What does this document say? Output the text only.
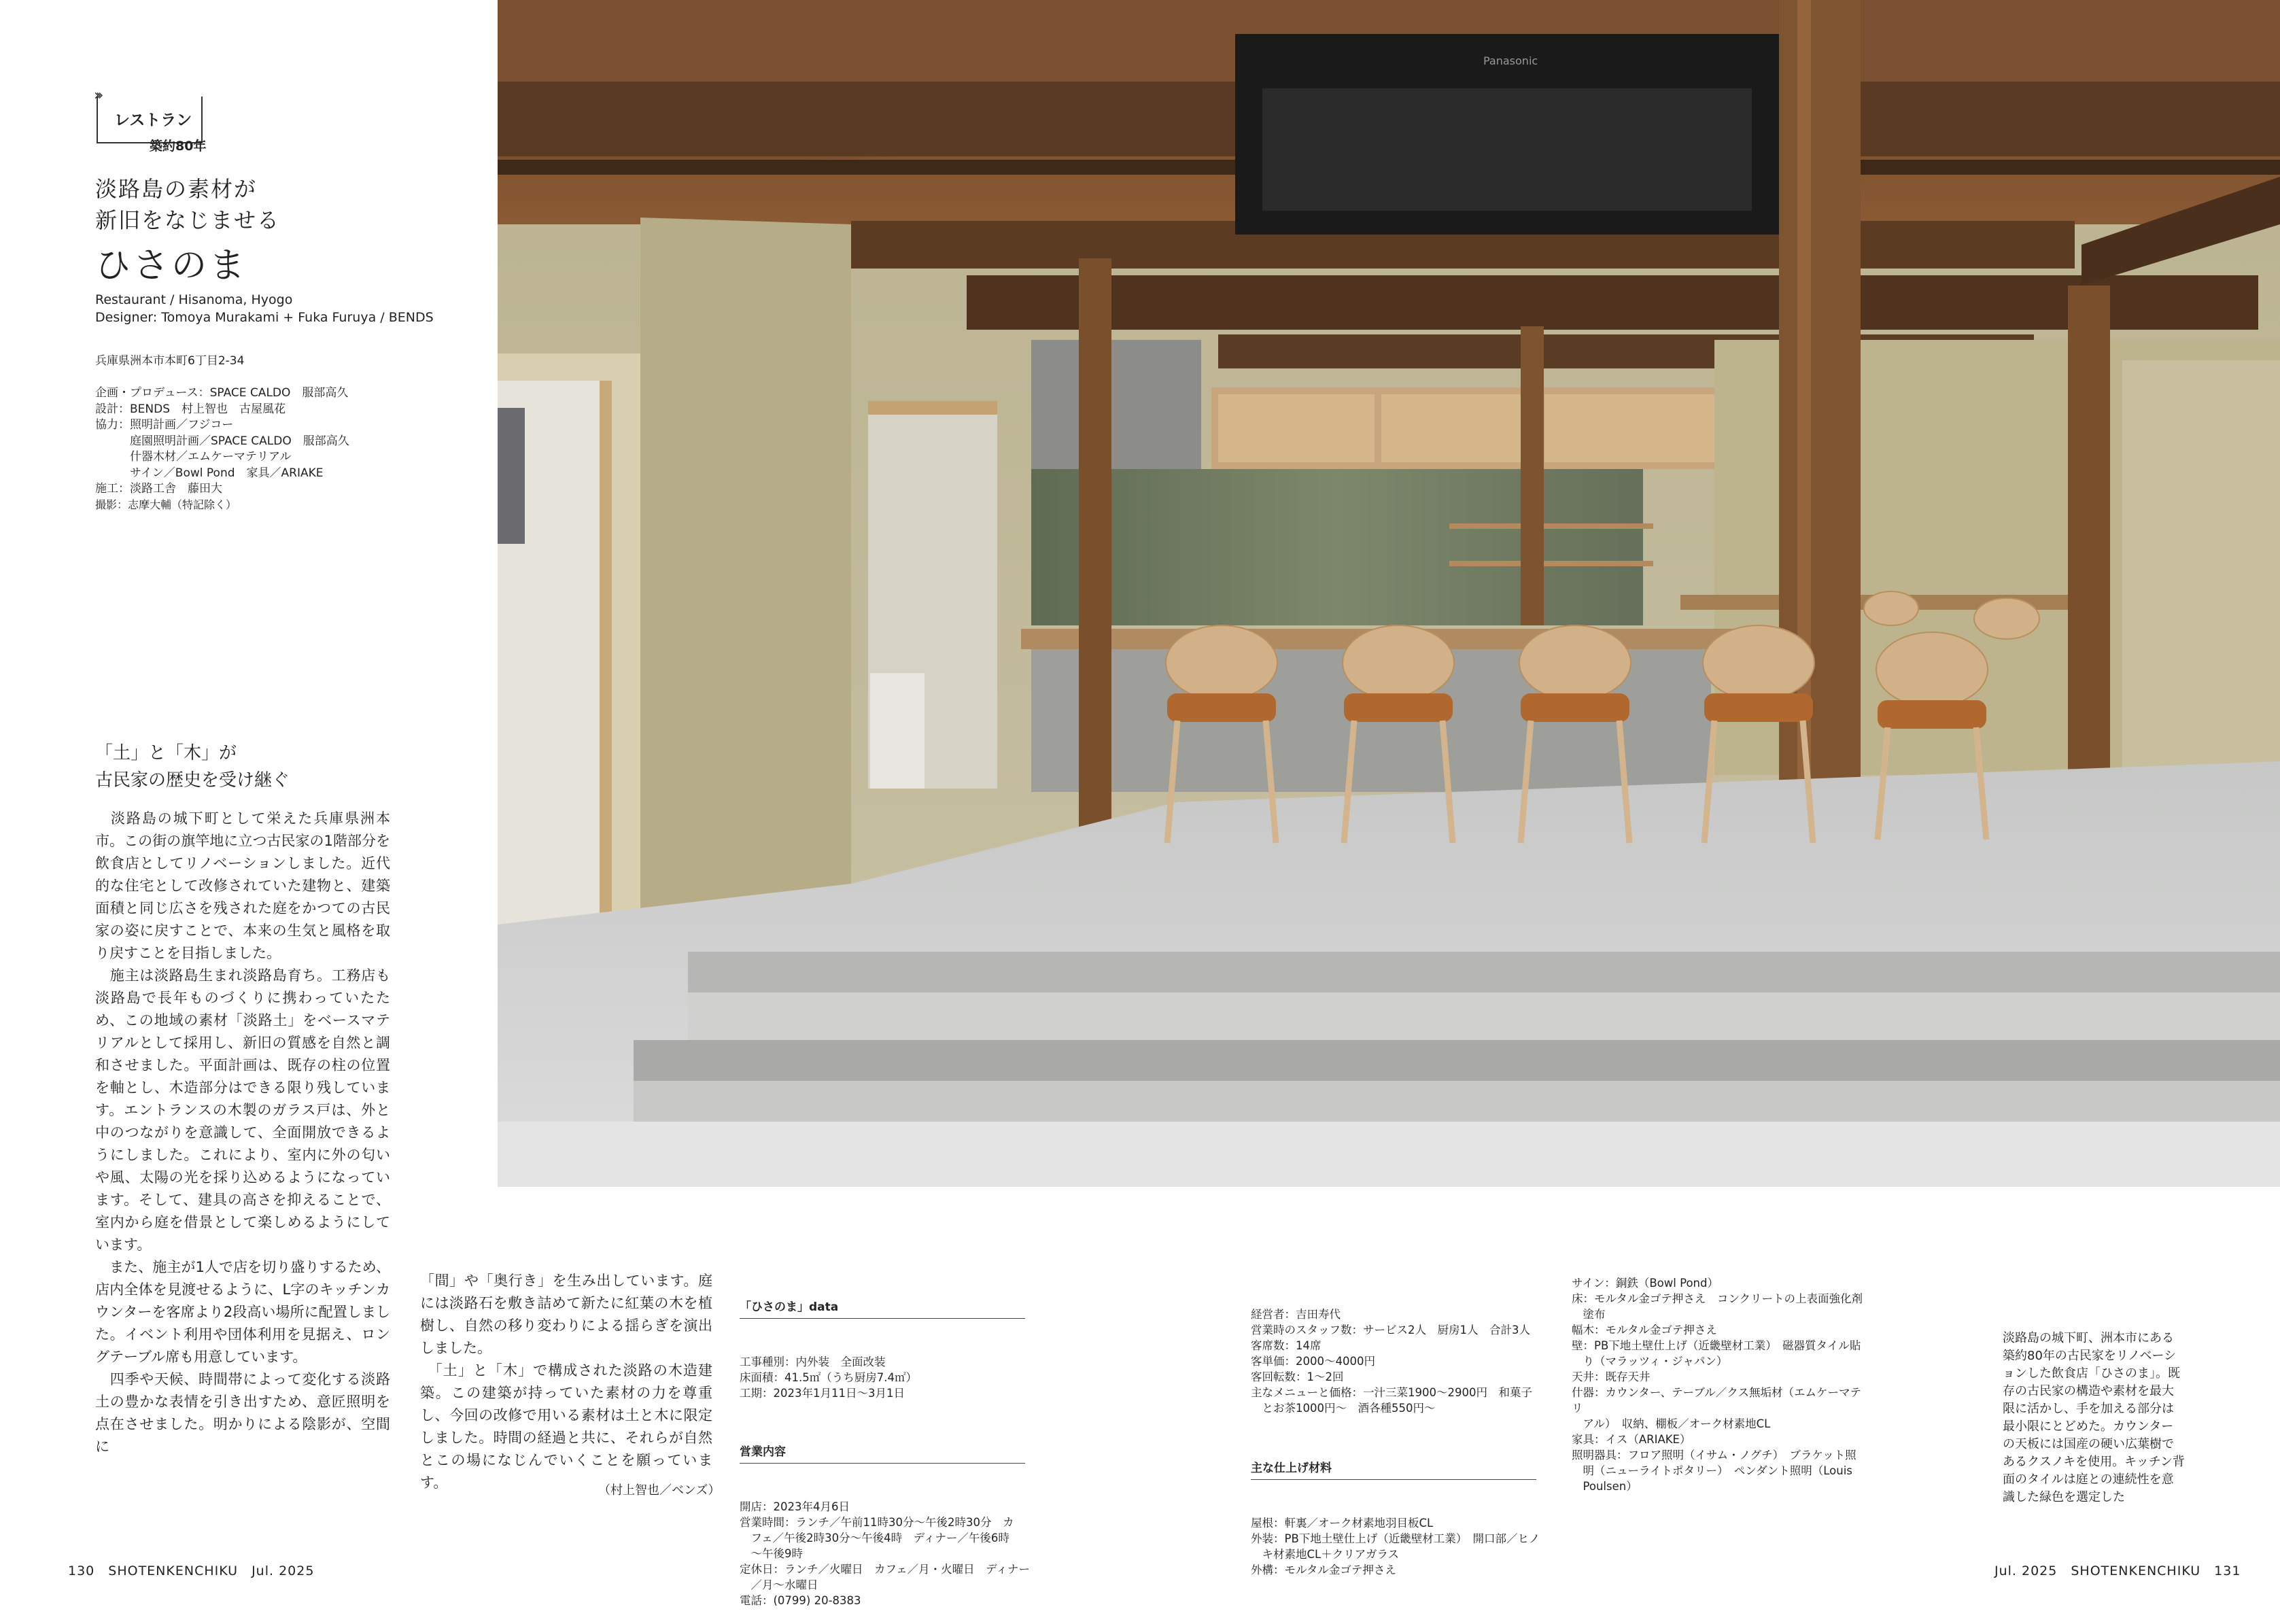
›››
レストラン
築約80年
淡路島の素材が
新旧をなじませる
ひさのま
Restaurant / Hisanoma, Hyogo
Designer: Tomoya Murakami + Fuka Furuya / BENDS
兵庫県洲本市本町6丁目2-34

企画・プロデュース：SPACE CALDO　服部高久
設計：BENDS　村上智也　古屋風花
協力：照明計画／フジコー
　　　庭園照明計画／SPACE CALDO　服部高久
　　　什器木材／エムケーマテリアル
　　　サイン／Bowl Pond　家具／ARIAKE
施工：淡路工舎　藤田大
撮影：志摩大輔（特記除く）
「土」と「木」が
古民家の歴史を受け継ぐ
　淡路島の城下町として栄えた兵庫県洲本市。この街の旗竿地に立つ古民家の1階部分を飲食店としてリノベーションしました。近代的な住宅として改修されていた建物と、建築面積と同じ広さを残された庭をかつての古民家の姿に戻すことで、本来の生気と風格を取り戻すことを目指しました。
　施主は淡路島生まれ淡路島育ち。工務店も淡路島で長年ものづくりに携わっていたため、この地域の素材「淡路土」をベースマテリアルとして採用し、新旧の質感を自然と調和させました。平面計画は、既存の柱の位置を軸とし、木造部分はできる限り残しています。エントランスの木製のガラス戸は、外と中のつながりを意識して、全面開放できるようにしました。これにより、室内に外の匂いや風、太陽の光を採り込めるようになっています。そして、建具の高さを抑えることで、室内から庭を借景として楽しめるようにしています。
　また、施主が1人で店を切り盛りするため、店内全体を見渡せるように、L字のキッチンカウンターを客席より2段高い場所に配置しました。イベント利用や団体利用を見据え、ロングテーブル席も用意しています。
　四季や天候、時間帯によって変化する淡路土の豊かな表情を引き出すため、意匠照明を点在させました。明かりによる陰影が、空間に
「間」や「奥行き」を生み出しています。庭には淡路石を敷き詰めて新たに紅葉の木を植樹し、自然の移り変わりによる揺らぎを演出しました。
　「土」と「木」で構成された淡路の木造建築。この建築が持っていた素材の力を尊重し、今回の改修で用いる素材は土と木に限定しました。時間の経過と共に、それらが自然とこの場になじんでいくことを願っています。	（村上智也／ベンズ）

「ひさのま」data

工事種別：内外装　全面改装
床面積：41.5㎡（うち厨房7.4㎡）
工期：2023年1月11日〜3月1日

営業内容

開店：2023年4月6日
営業時間：ランチ／午前11時30分〜午後2時30分　カ
　フェ／午後2時30分〜午後4時　ディナー／午後6時
　〜午後9時
定休日：ランチ／火曜日　カフェ／月・火曜日　ディナー
　／月〜水曜日
電話：(0799) 20-8383

経営者：吉田寿代
営業時のスタッフ数：サービス2人　厨房1人　合計3人
客席数：14席
客単価：2000〜4000円
客回転数：1〜2回
主なメニューと価格：一汁三菜1900〜2900円　和菓子
　とお茶1000円〜　酒各種550円〜

主な仕上げ材料

屋根：軒裏／オーク材素地羽目板CL
外装：PB下地土壁仕上げ（近畿壁材工業）　開口部／ヒノ
　キ材素地CL＋クリアガラス
外構：モルタル金ゴテ押さえ

サイン：銅鉄（Bowl Pond）
床：モルタル金ゴテ押さえ　コンクリートの上表面強化剤
　塗布
幅木：モルタル金ゴテ押さえ
壁：PB下地土壁仕上げ（近畿壁材工業）　磁器質タイル貼
　り（マラッツィ・ジャパン）
天井：既存天井
什器：カウンター、テーブル／クス無垢材（エムケーマテリ
　アル）　収納、棚板／オーク材素地CL
家具：イス（ARIAKE）
照明器具：フロア照明（イサム・ノグチ）　ブラケット照
　明（ニューライトポタリー）　ペンダント照明（Louis
　Poulsen）
淡路島の城下町、洲本市にある築約80年の古民家をリノベーションした飲食店「ひさのま」。既存の古民家の構造や素材を最大限に活かし、手を加える部分は最小限にとどめた。カウンターの天板には国産の硬い広葉樹であるクスノキを使用。キッチン背面のタイルは庭との連続性を意識した緑色を選定した
130　SHOTENKENCHIKU　Jul. 2025	Jul. 2025　SHOTENKENCHIKU　131
Panasonic
